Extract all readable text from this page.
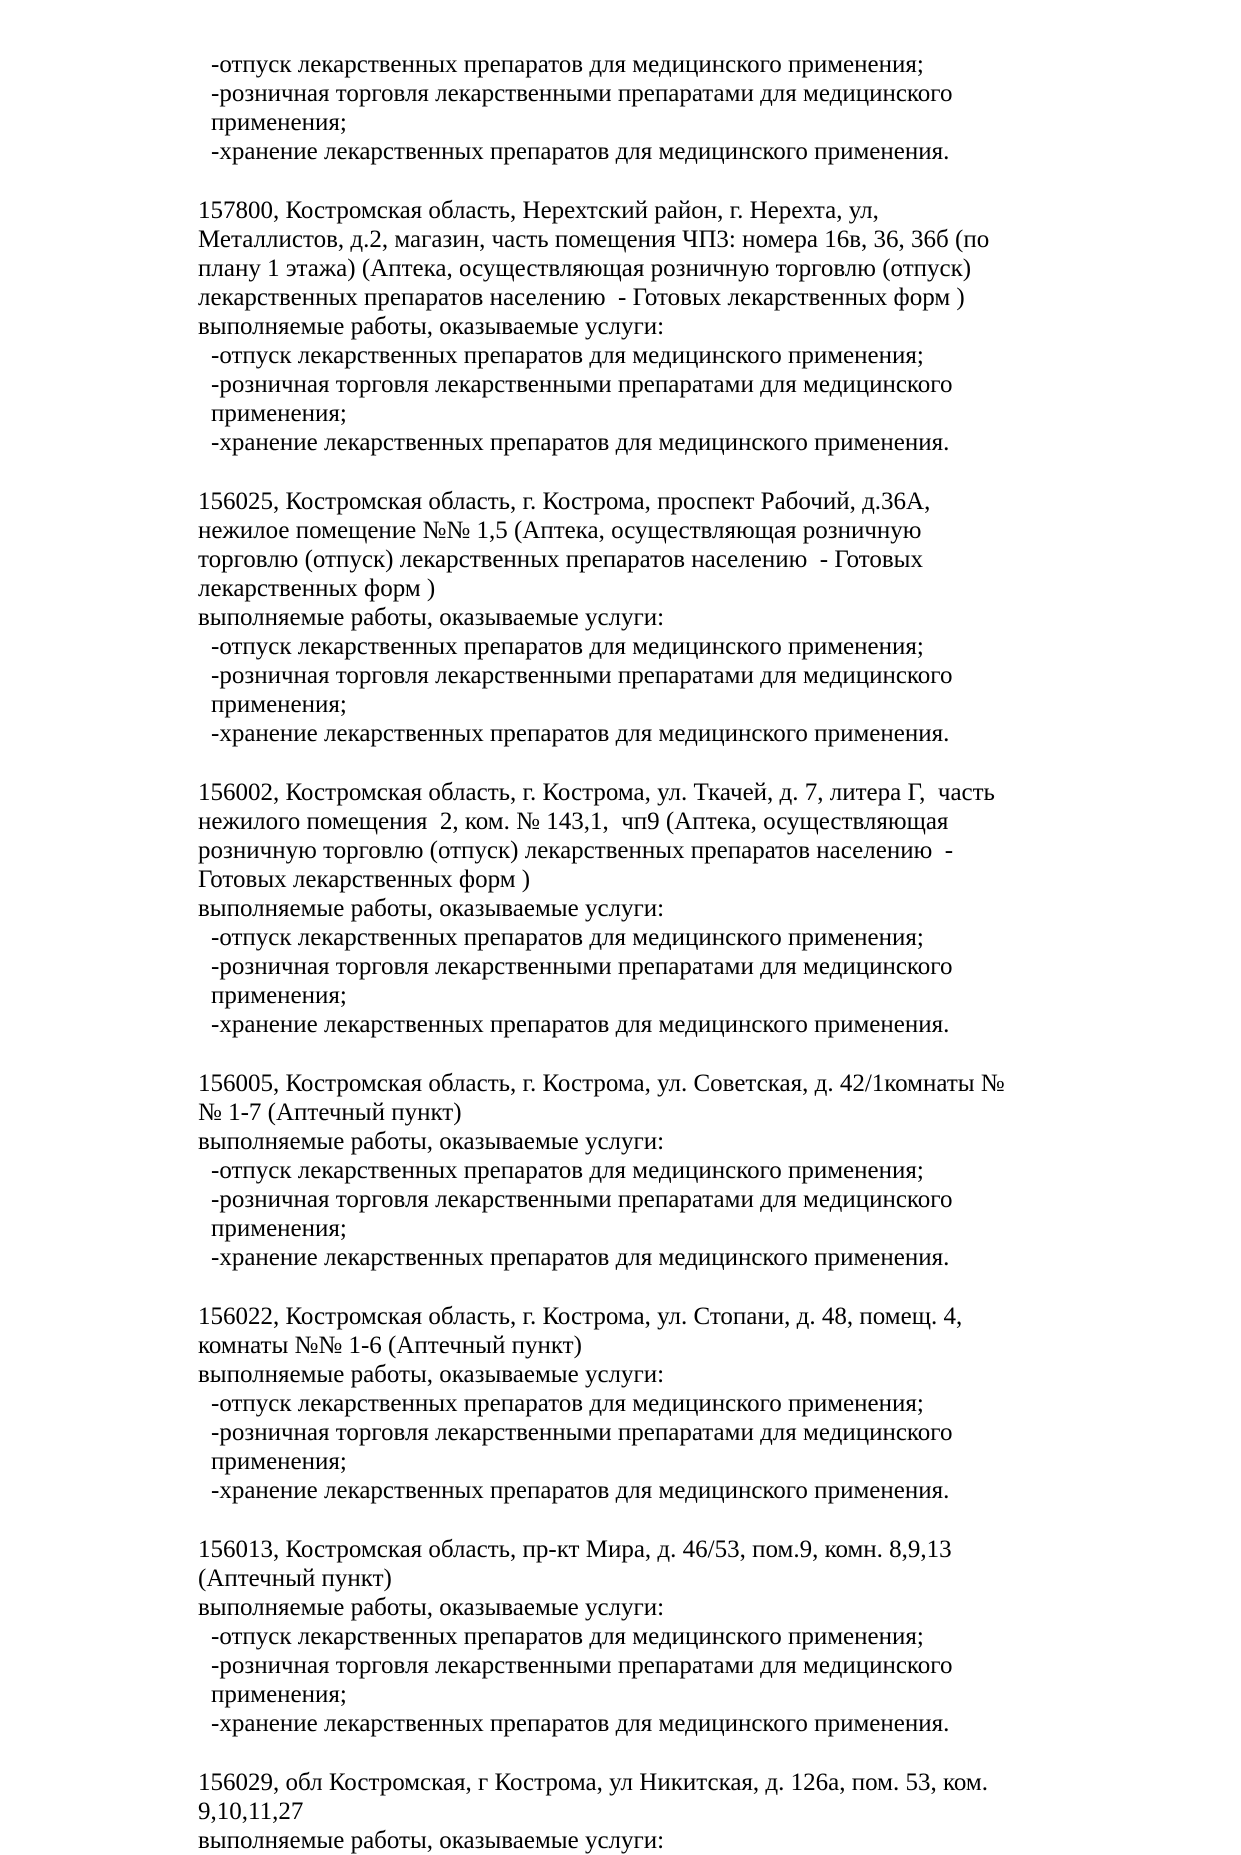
-отпуск лекарственных препаратов для медицинского применения;
-розничная торговля лекарственными препаратами для медицинского применения;
-хранение лекарственных препаратов для медицинского применения.

157800, Костромская область, Нерехтский район, г. Нерехта, ул, Металлистов, д.2, магазин, часть помещения ЧП3: номера 16в, 36, 36б (по плану 1 этажа) (Аптека, осуществляющая розничную торговлю (отпуск) лекарственных препаратов населению  - Готовых лекарственных форм )

выполняемые работы, оказываемые услуги:

-отпуск лекарственных препаратов для медицинского применения;
-розничная торговля лекарственными препаратами для медицинского применения;
-хранение лекарственных препаратов для медицинского применения.

156025, Костромская область, г. Кострома, проспект Рабочий, д.36А, нежилое помещение №№ 1,5 (Аптека, осуществляющая розничную торговлю (отпуск) лекарственных препаратов населению  - Готовых лекарственных форм )

выполняемые работы, оказываемые услуги:

-отпуск лекарственных препаратов для медицинского применения;
-розничная торговля лекарственными препаратами для медицинского применения;
-хранение лекарственных препаратов для медицинского применения.

156002, Костромская область, г. Кострома, ул. Ткачей, д. 7, литера Г,  часть нежилого помещения  2, ком. № 143,1,  чп9 (Аптека, осуществляющая розничную торговлю (отпуск) лекарственных препаратов населению  - Готовых лекарственных форм )

выполняемые работы, оказываемые услуги:

-отпуск лекарственных препаратов для медицинского применения;
-розничная торговля лекарственными препаратами для медицинского применения;
-хранение лекарственных препаратов для медицинского применения.

156005, Костромская область, г. Кострома, ул. Советская, д. 42/1комнаты №№ 1-7 (Аптечный пункт)

выполняемые работы, оказываемые услуги:

-отпуск лекарственных препаратов для медицинского применения;
-розничная торговля лекарственными препаратами для медицинского применения;
-хранение лекарственных препаратов для медицинского применения.

156022, Костромская область, г. Кострома, ул. Стопани, д. 48, помещ. 4, комнаты №№ 1-6 (Аптечный пункт)

выполняемые работы, оказываемые услуги:

-отпуск лекарственных препаратов для медицинского применения;
-розничная торговля лекарственными препаратами для медицинского применения;
-хранение лекарственных препаратов для медицинского применения.

156013, Костромская область, пр-кт Мира, д. 46/53, пом.9, комн. 8,9,13 (Аптечный пункт)

выполняемые работы, оказываемые услуги:

-отпуск лекарственных препаратов для медицинского применения;
-розничная торговля лекарственными препаратами для медицинского применения;
-хранение лекарственных препаратов для медицинского применения.

156029, обл Костромская, г Кострома, ул Никитская, д. 126а, пом. 53, ком. 9,10,11,27

выполняемые работы, оказываемые услуги:
